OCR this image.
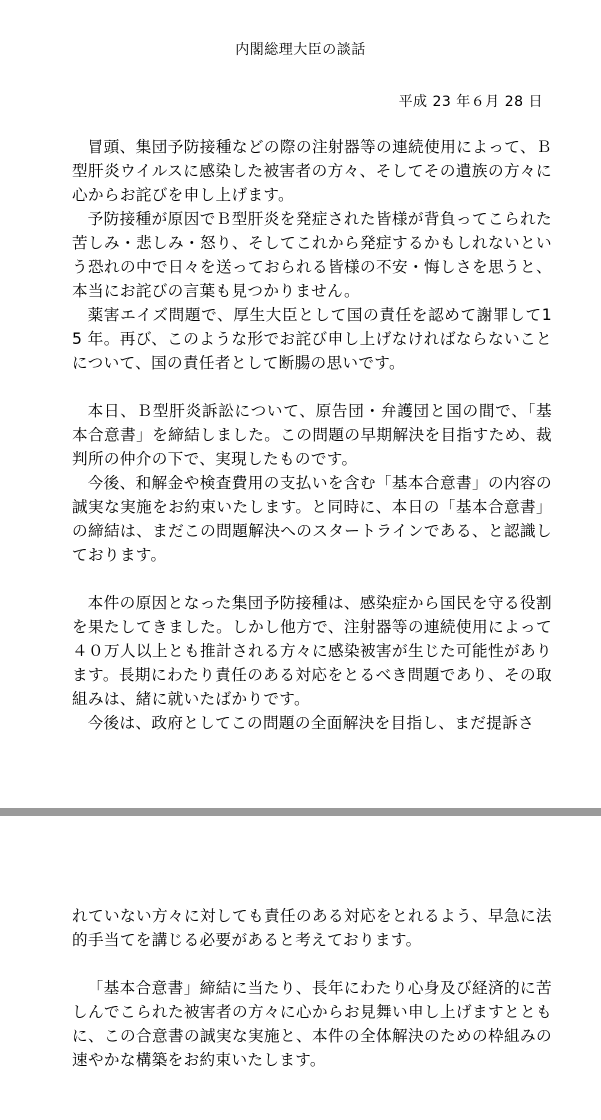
内閣総理大臣の談話
平成 23 年６月 28 日

冒頭、集団予防接種などの際の注射器等の連続使用によって、Ｂ型肝炎ウイルスに感染した被害者の方々、そしてその遺族の方々に心からお詫びを申し上げます。

予防接種が原因でＢ型肝炎を発症された皆様が背負ってこられた苦しみ・悲しみ・怒り、そしてこれから発症するかもしれないという恐れの中で日々を送っておられる皆様の不安・悔しさを思うと、本当にお詫びの言葉も見つかりません。

薬害エイズ問題で、厚生大臣として国の責任を認めて謝罪して15 年。再び、このような形でお詫び申し上げなければならないことについて、国の責任者として断腸の思いです。

本日、Ｂ型肝炎訴訟について、原告団・弁護団と国の間で、「基本合意書」を締結しました。この問題の早期解決を目指すため、裁判所の仲介の下で、実現したものです。

今後、和解金や検査費用の支払いを含む「基本合意書」の内容の誠実な実施をお約束いたします。と同時に、本日の「基本合意書」の締結は、まだこの問題解決へのスタートラインである、と認識しております。

本件の原因となった集団予防接種は、感染症から国民を守る役割を果たしてきました。しかし他方で、注射器等の連続使用によって４０万人以上とも推計される方々に感染被害が生じた可能性があります。長期にわたり責任のある対応をとるべき問題であり、その取組みは、緒に就いたばかりです。

今後は、政府としてこの問題の全面解決を目指し、まだ提訴さ

れていない方々に対しても責任のある対応をとれるよう、早急に法的手当てを講じる必要があると考えております。

「基本合意書」締結に当たり、長年にわたり心身及び経済的に苦しんでこられた被害者の方々に心からお見舞い申し上げますとともに、この合意書の誠実な実施と、本件の全体解決のための枠組みの速やかな構築をお約束いたします。
